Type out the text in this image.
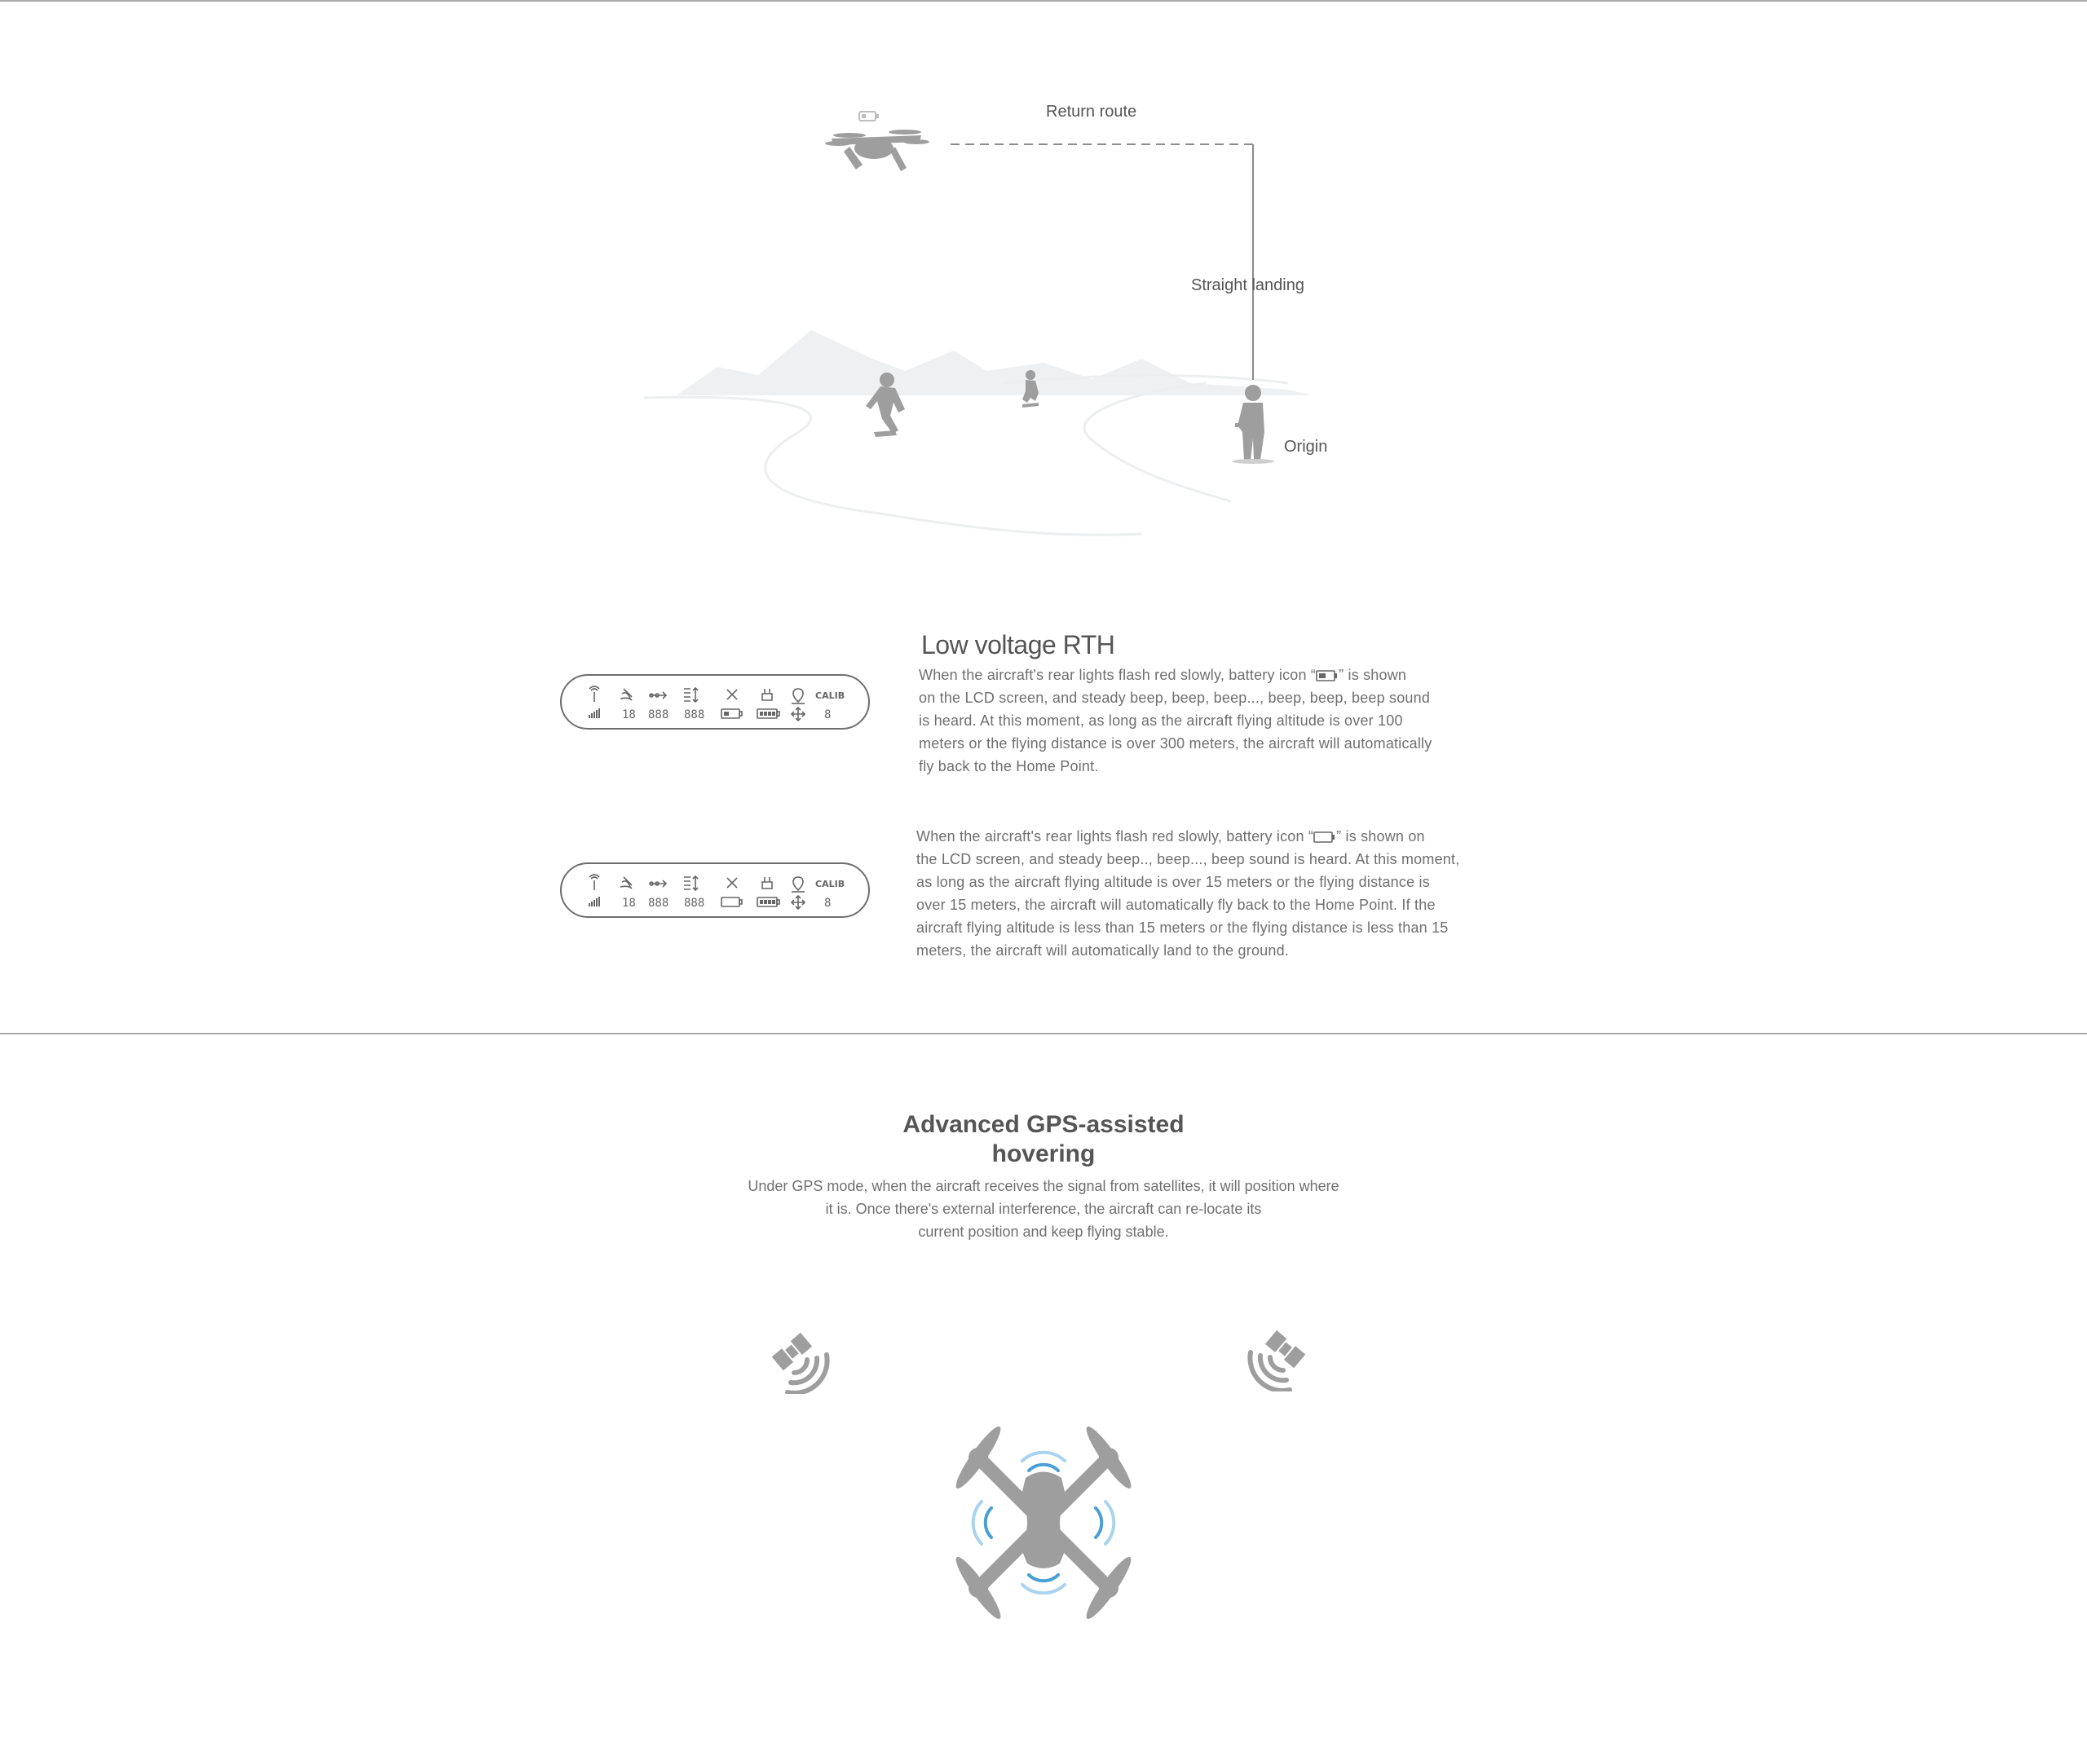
Return route
Straight landing
Origin
Low voltage RTH
CALIB
18 888 888	8
When the aircraft's rear lights flash red slowly, battery icon “ ” is shown
on the LCD screen, and steady beep, beep, beep..., beep, beep, beep sound
is heard. At this moment, as long as the aircraft flying altitude is over 100
meters or the flying distance is over 300 meters, the aircraft will automatically
fly back to the Home Point.
CALIB
18 888 888	8
When the aircraft's rear lights flash red slowly, battery icon “ ” is shown on
the LCD screen, and steady beep.., beep..., beep sound is heard. At this moment,
as long as the aircraft flying altitude is over 15 meters or the flying distance is
over 15 meters, the aircraft will automatically fly back to the Home Point. If the
aircraft flying altitude is less than 15 meters or the flying distance is less than 15
meters, the aircraft will automatically land to the ground.
Advanced GPS-assisted
hovering

Under GPS mode, when the aircraft receives the signal from satellites, it will position where
it is. Once there's external interference, the aircraft can re-locate its
current position and keep flying stable.
